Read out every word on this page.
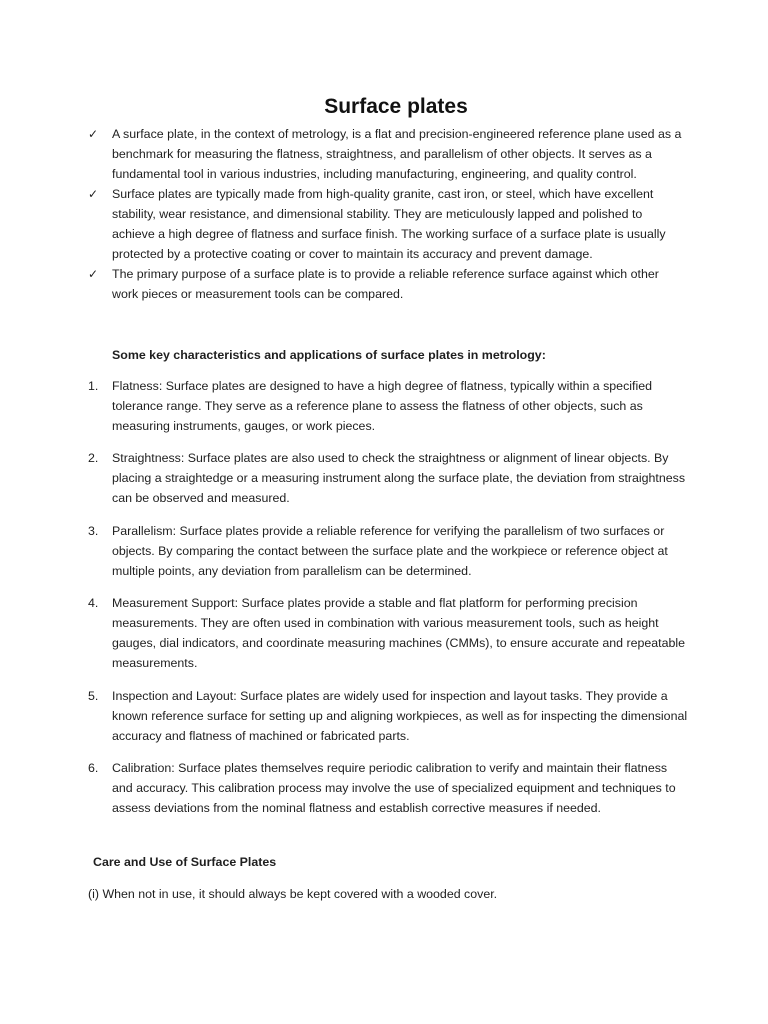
Surface plates
✓ A surface plate, in the context of metrology, is a flat and precision-engineered reference plane used as a benchmark for measuring the flatness, straightness, and parallelism of other objects. It serves as a fundamental tool in various industries, including manufacturing, engineering, and quality control.
✓ Surface plates are typically made from high-quality granite, cast iron, or steel, which have excellent stability, wear resistance, and dimensional stability. They are meticulously lapped and polished to achieve a high degree of flatness and surface finish. The working surface of a surface plate is usually protected by a protective coating or cover to maintain its accuracy and prevent damage.
✓ The primary purpose of a surface plate is to provide a reliable reference surface against which other work pieces or measurement tools can be compared.

Some key characteristics and applications of surface plates in metrology:

1. Flatness: Surface plates are designed to have a high degree of flatness, typically within a specified tolerance range. They serve as a reference plane to assess the flatness of other objects, such as measuring instruments, gauges, or work pieces.
2. Straightness: Surface plates are also used to check the straightness or alignment of linear objects. By placing a straightedge or a measuring instrument along the surface plate, the deviation from straightness can be observed and measured.
3. Parallelism: Surface plates provide a reliable reference for verifying the parallelism of two surfaces or objects. By comparing the contact between the surface plate and the workpiece or reference object at multiple points, any deviation from parallelism can be determined.
4. Measurement Support: Surface plates provide a stable and flat platform for performing precision measurements. They are often used in combination with various measurement tools, such as height gauges, dial indicators, and coordinate measuring machines (CMMs), to ensure accurate and repeatable measurements.
5. Inspection and Layout: Surface plates are widely used for inspection and layout tasks. They provide a known reference surface for setting up and aligning workpieces, as well as for inspecting the dimensional accuracy and flatness of machined or fabricated parts.
6. Calibration: Surface plates themselves require periodic calibration to verify and maintain their flatness and accuracy. This calibration process may involve the use of specialized equipment and techniques to assess deviations from the nominal flatness and establish corrective measures if needed.

Care and Use of Surface Plates

(i) When not in use, it should always be kept covered with a wooded cover.
